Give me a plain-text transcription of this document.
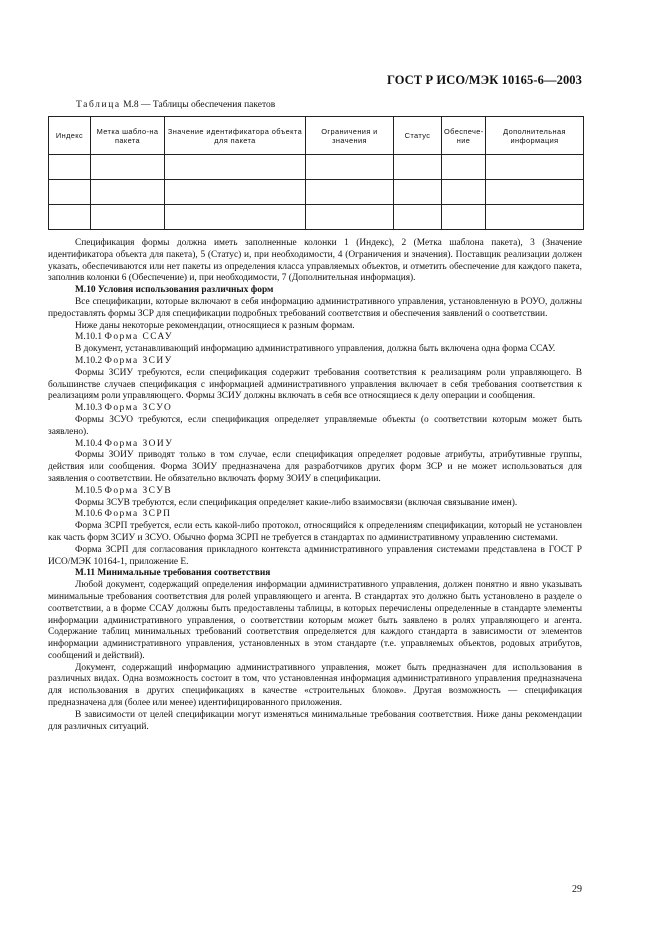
ГОСТ Р ИСО/МЭК 10165-6—2003
Таблица М.8 — Таблицы обеспечения пакетов
Индекс	Метка шабло-на пакета	Значение идентификатора объекта для пакета	Ограничения и значения	Статус	Обеспече-ние	Дополнительная информация

Спецификация формы должна иметь заполненные колонки 1 (Индекс), 2 (Метка шаблона пакета), 3 (Значение идентификатора объекта для пакета), 5 (Статус) и, при необходимости, 4 (Ограничения и значения). Поставщик реализации должен указать, обеспечиваются или нет пакеты из определения класса управляемых объектов, и отметить обеспечение для каждого пакета, заполнив колонки 6 (Обеспечение) и, при необходимости, 7 (Дополнительная информация).

М.10 Условия использования различных форм

Все спецификации, которые включают в себя информацию административного управления, установленную в РОУО, должны предоставлять формы ЗСР для спецификации подробных требований соответствия и обеспечения заявлений о соответствии.

Ниже даны некоторые рекомендации, относящиеся к разным формам.

М.10.1 Форма ССАУ

В документ, устанавливающий информацию административного управления, должна быть включена одна форма ССАУ.

М.10.2 Форма ЗСИУ

Формы ЗСИУ требуются, если спецификация содержит требования соответствия к реализациям роли управляющего. В большинстве случаев спецификация с информацией административного управления включает в себя требования соответствия к реализациям роли управляющего. Формы ЗСИУ должны включать в себя все относящиеся к делу операции и сообщения.

М.10.3 Форма ЗСУО

Формы ЗСУО требуются, если спецификация определяет управляемые объекты (о соответствии которым может быть заявлено).

М.10.4 Форма ЗОИУ

Формы ЗОИУ приводят только в том случае, если спецификация определяет родовые атрибуты, атрибутивные группы, действия или сообщения. Форма ЗОИУ предназначена для разработчиков других форм ЗСР и не может использоваться для заявления о соответствии. Не обязательно включать форму ЗОИУ в спецификации.

М.10.5 Форма ЗСУВ

Формы ЗСУВ требуются, если спецификация определяет какие-либо взаимосвязи (включая связывание имен).

М.10.6 Форма ЗСРП

Форма ЗСРП требуется, если есть какой-либо протокол, относящийся к определениям спецификации, который не установлен как часть форм ЗСИУ и ЗСУО. Обычно форма ЗСРП не требуется в стандартах по административному управлению системами.

Форма ЗСРП для согласования прикладного контекста административного управления системами представлена в ГОСТ Р ИСО/МЭК 10164-1, приложение Е.

М.11 Минимальные требования соответствия

Любой документ, содержащий определения информации административного управления, должен понятно и явно указывать минимальные требования соответствия для ролей управляющего и агента. В стандартах это должно быть установлено в разделе о соответствии, а в форме ССАУ должны быть предоставлены таблицы, в которых перечислены определенные в стандарте элементы информации административного управления, о соответствии которым может быть заявлено в ролях управляющего и агента. Содержание таблиц минимальных требований соответствия определяется для каждого стандарта в зависимости от элементов информации административного управления, установленных в этом стандарте (т.е. управляемых объектов, родовых атрибутов, сообщений и действий).

Документ, содержащий информацию административного управления, может быть предназначен для использования в различных видах. Одна возможность состоит в том, что установленная информация административного управления предназначена для использования в других спецификациях в качестве «строительных блоков». Другая возможность — спецификация предназначена для (более или менее) идентифицированного приложения.

В зависимости от целей спецификации могут изменяться минимальные требования соответствия. Ниже даны рекомендации для различных ситуаций.

29
